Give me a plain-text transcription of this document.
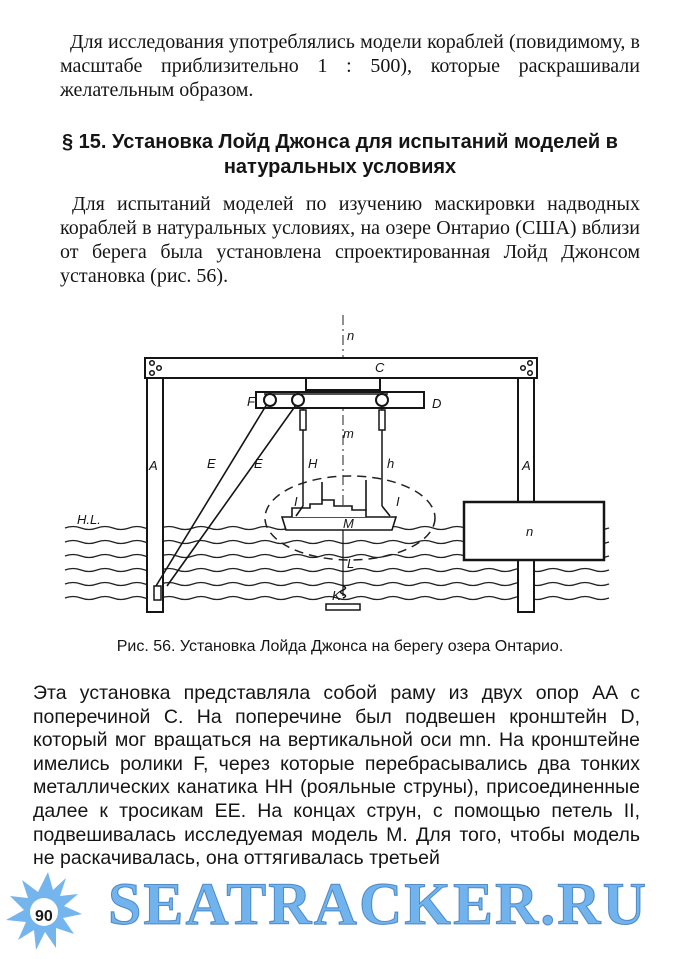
Для исследования употреблялись модели кораблей (повидимому, в масштабе приблизительно 1 : 500), которые раскрашивали желательным образом.

§ 15. Установка Лойд Джонса для испытаний моделей в натуральных условиях

Для испытаний моделей по изучению маскировки надводных кораблей в натуральных условиях, на озере Онтарио (США) вблизи от берега была установлена спроектированная Лойд Джонсом установка (рис. 56).

n
C
F	D
m
A	E	E	H	h	A
I	I
H.L.	M
n
L
K

Рис. 56. Установка Лойда Джонса на берегу озера Онтарио.

Эта установка представляла собой раму из двух опор AA с поперечиной C. На поперечине был подвешен кронштейн D, который мог вращаться на вертикальной оси mn. На кронштейне имелись ролики F, через которые перебрасывались два тонких металлических канатика HH (рояльные струны), присоединенные далее к тросикам EE. На концах струн, с помощью петель II, подвешивалась исследуемая модель M. Для того, чтобы модель не раскачивалась, она оттягивалась третьей

SEATRACKER.RU

90
